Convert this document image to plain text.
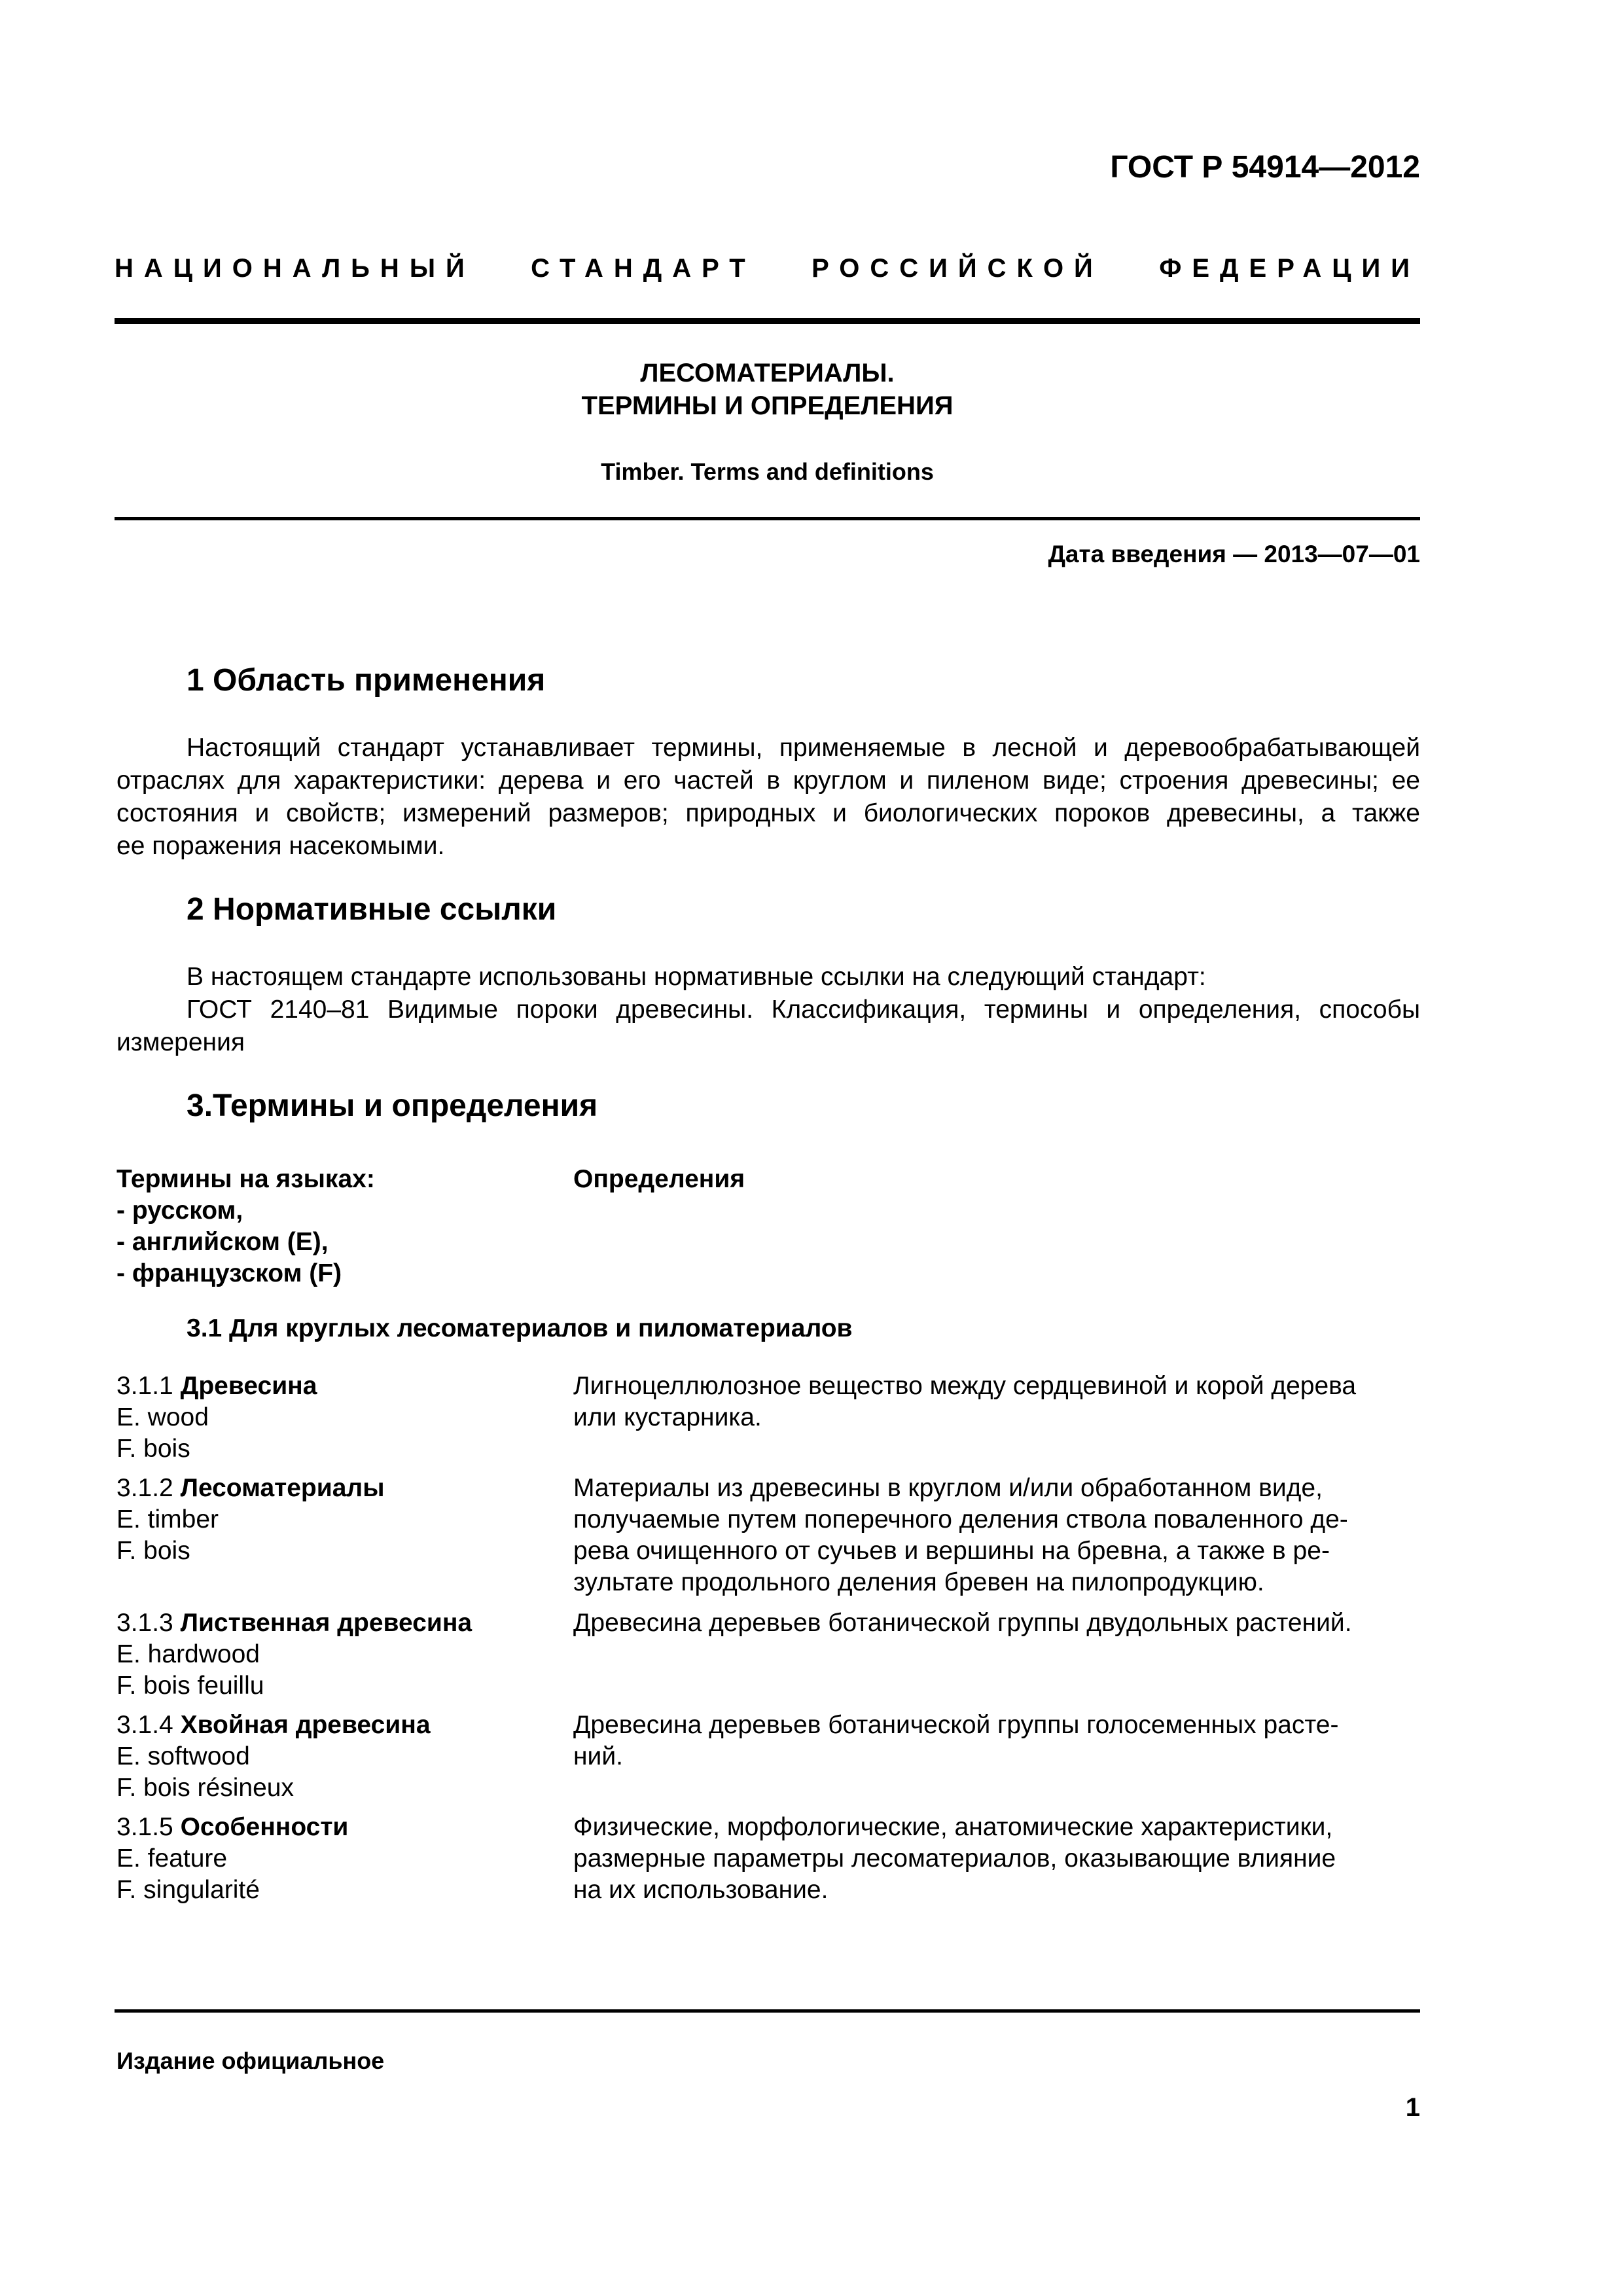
ГОСТ Р 54914—2012
НАЦИОНАЛЬНЫЙ СТАНДАРТ РОССИЙСКОЙ ФЕДЕРАЦИИ
ЛЕСОМАТЕРИАЛЫ.
ТЕРМИНЫ И ОПРЕДЕЛЕНИЯ
Timber. Terms and definitions
Дата введения — 2013—07—01
1 Область применения
Настоящий стандарт устанавливает термины, применяемые в лесной и деревообрабатывающей
отраслях для характеристики: дерева и его частей в круглом и пиленом виде; строения древесины; ее
состояния и свойств; измерений размеров; природных и биологических пороков древесины, а также
ее поражения насекомыми.
2 Нормативные ссылки
В настоящем стандарте использованы нормативные ссылки на следующий стандарт:
ГОСТ 2140–81 Видимые пороки древесины. Классификация, термины и определения, способы
измерения
3.Термины и определения
Термины на языках:
- русском,
- английском (E),
- французском (F)
Определения
3.1 Для круглых лесоматериалов и пиломатериалов
3.1.1 Древесина
E. wood
F. bois
Лигноцеллюлозное вещество между сердцевиной и корой дерева
или кустарника.
3.1.2 Лесоматериалы
E. timber
F. bois
Материалы из древесины в круглом и/или обработанном виде,
получаемые путем поперечного деления ствола поваленного де-
рева очищенного от сучьев и вершины на бревна, а также в ре-
зультате продольного деления бревен на пилопродукцию.
3.1.3 Лиственная древесина
E. hardwood
F. bois feuillu
Древесина деревьев ботанической группы двудольных растений.
3.1.4 Хвойная древесина
E. softwood
F. bois résineux
Древесина деревьев ботанической группы голосеменных расте-
ний.
3.1.5 Особенности
E. feature
F. singularité
Физические, морфологические, анатомические характеристики,
размерные параметры лесоматериалов, оказывающие влияние
на их использование.
Издание официальное
1
